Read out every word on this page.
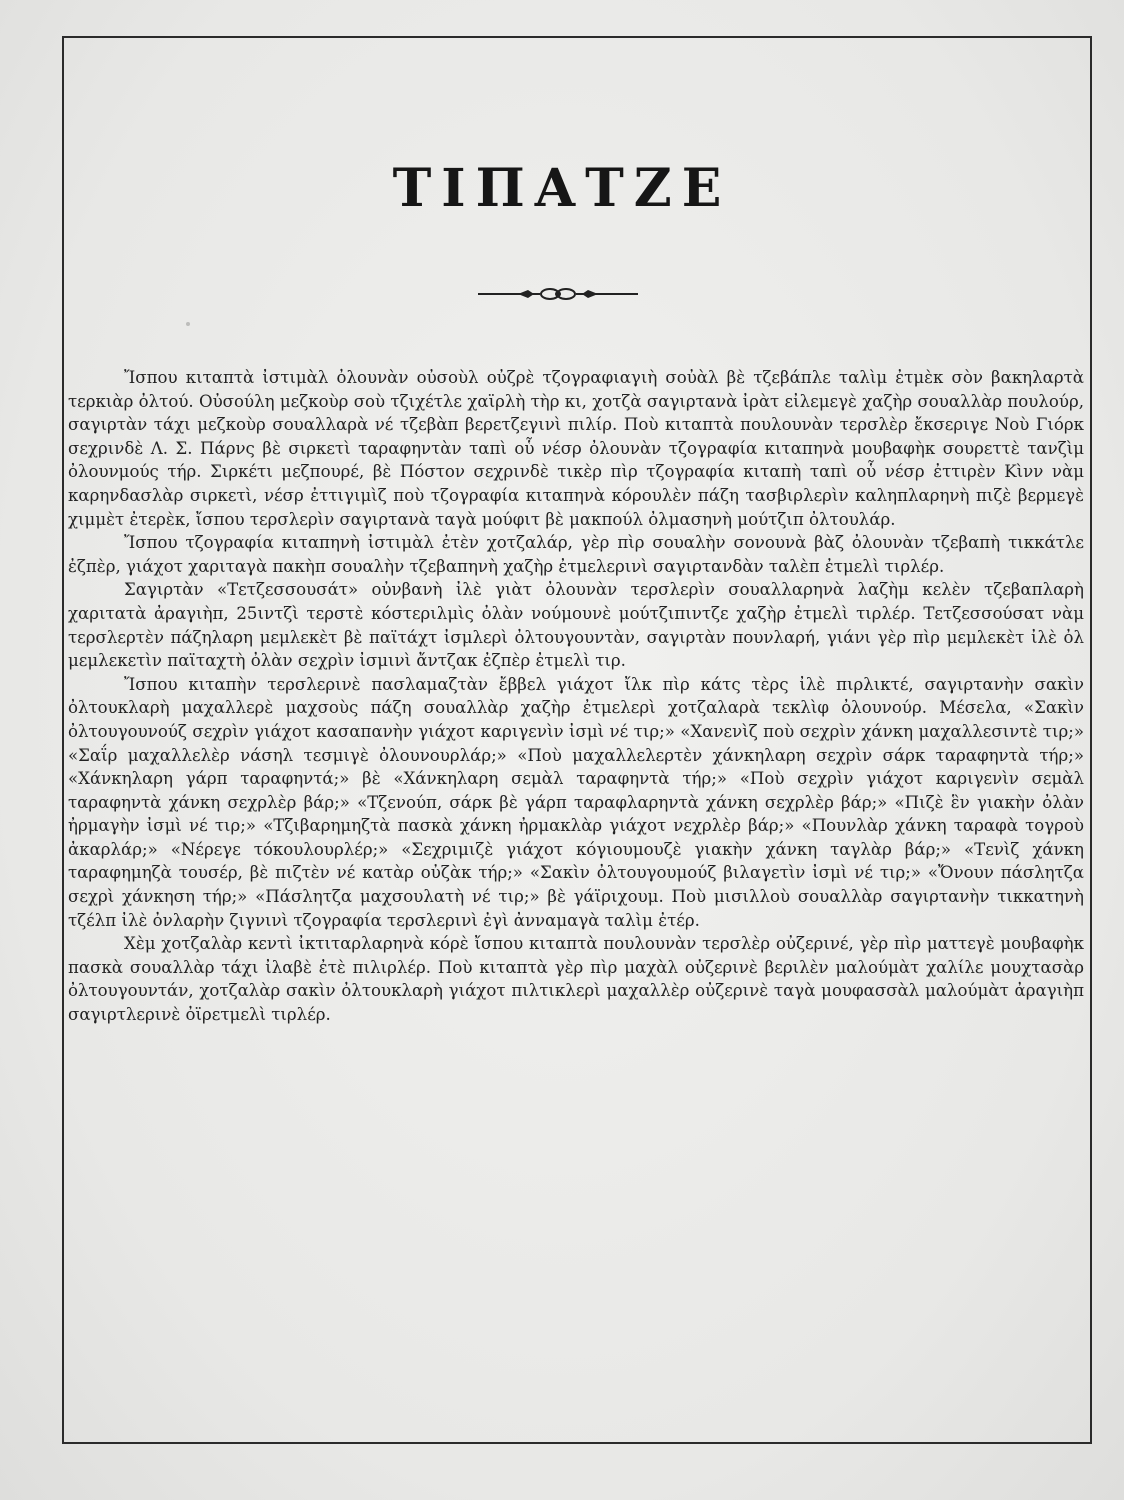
ΤΙΠΑΤΖΕ

Ἴσπου κιταπτὰ ἰστιμὰλ ὀλουνὰν οὐσοὺλ οὐζρὲ τζογραφιαγιὴ σοὐὰλ βὲ τζεβάπλε ταλὶμ ἐτμὲκ σὸν βακηλαρτὰ τερκιὰρ ὀλτού. Οὐσούλη μεζκοὺρ σοὺ τζιχέτλε χαϊρλὴ τὴρ κι, χοτζὰ σαγιρτανὰ ἰρὰτ εἰλεμεγὲ χαζὴρ σουαλλὰρ πουλούρ, σαγιρτὰν τάχι μεζκοὺρ σουαλλαρὰ νέ τζεβὰπ βερετζεγινὶ πιλίρ. Ποὺ κιταπτὰ πουλουνὰν τερσλὲρ ἔκσεριγε Νοὺ Γιόρκ σεχρινδὲ Λ. Σ. Πάρνς βὲ σιρκετὶ ταραφηντὰν ταπὶ οὗ νέσρ ὀλουνὰν τζογραφία κιταπηνὰ μουβαφὴκ σουρεττὲ τανζὶμ ὀλουνμούς τήρ. Σιρκέτι μεζπουρέ, βὲ Πόστον σεχρινδὲ τικὲρ πὶρ τζογραφία κιταπὴ ταπὶ οὗ νέσρ ἐττιρὲν Κὶνν νὰμ καρηνδασλὰρ σιρκετὶ, νέσρ ἐττιγιμὶζ ποὺ τζογραφία κιταπηνὰ κόρουλὲν πάζη τασβιρλερὶν καληπλαρηνὴ πιζὲ βερμεγὲ χιμμὲτ ἐτερὲκ, ἴσπου τερσλερὶν σαγιρτανὰ ταγὰ μούφιτ βὲ μακπούλ ὀλμασηνὴ μούτζιπ ὀλτουλάρ.

Ἴσπου τζογραφία κιταπηνὴ ἰστιμὰλ ἐτὲν χοτζαλάρ, γὲρ πὶρ σουαλὴν σονουνὰ βὰζ ὀλουνὰν τζεβαπὴ τικκάτλε ἐζπὲρ, γιάχοτ χαριταγὰ πακὴπ σουαλὴν τζεβαπηνὴ χαζὴρ ἐτμελερινὶ σαγιρτανδὰν ταλὲπ ἐτμελὶ τιρλέρ.

Σαγιρτὰν «Τετζεσσουσάτ» οὐνβανὴ ἰλὲ γιὰτ ὀλουνὰν τερσλερὶν σουαλλαρηνὰ λαζὴμ κελὲν τζεβαπλαρὴ χαριτατὰ ἀραγιὴπ, 25ιντζὶ τερστὲ κόστεριλμὶς ὀλὰν νούμουνὲ μούτζιπιντζε χαζὴρ ἐτμελὶ τιρλέρ. Τετζεσσούσατ νὰμ τερσλερτὲν πάζηλαρη μεμλεκὲτ βὲ παϊτάχτ ἰσμλερὶ ὀλτουγουντὰν, σαγιρτὰν πουνλαρή, γιάνι γὲρ πὶρ μεμλεκὲτ ἰλὲ ὀλ μεμλεκετὶν παϊταχτὴ ὀλὰν σεχρὶν ἰσμινὶ ἄντζακ ἐζπὲρ ἐτμελὶ τιρ.

Ἴσπου κιταπὴν τερσλερινὲ πασλαμαζτὰν ἔββελ γιάχοτ ἴλκ πὶρ κάτς τὲρς ἰλὲ πιρλικτέ, σαγιρτανὴν σακὶν ὀλτουκλαρὴ μαχαλλερὲ μαχσοὺς πάζη σουαλλὰρ χαζὴρ ἐτμελερὶ χοτζαλαρὰ τεκλὶφ ὀλουνούρ. Μέσελα, «Σακὶν ὀλτουγουνούζ σεχρὶν γιάχοτ κασαπανὴν γιάχοτ καριγενὶν ἰσμὶ νέ τιρ;» «Χανενὶζ ποὺ σεχρὶν χάνκη μαχαλλεσιντὲ τιρ;» «Σαΐρ μαχαλλελὲρ νάσηλ τεσμιγὲ ὀλουνουρλάρ;» «Ποὺ μαχαλλελερτὲν χάνκηλαρη σεχρὶν σάρκ ταραφηντὰ τήρ;» «Χάνκηλαρη γάρπ ταραφηντά;» βὲ «Χάνκηλαρη σεμὰλ ταραφηντὰ τήρ;» «Ποὺ σεχρὶν γιάχοτ καριγενὶν σεμὰλ ταραφηντὰ χάνκη σεχρλὲρ βάρ;» «Τζενούπ, σάρκ βὲ γάρπ ταραφλαρηντὰ χάνκη σεχρλὲρ βάρ;» «Πιζὲ ἓν γιακὴν ὀλὰν ἠρμαγὴν ἰσμὶ νέ τιρ;» «Τζιβαρημηζτὰ πασκὰ χάνκη ἠρμακλὰρ γιάχοτ νεχρλὲρ βάρ;» «Πουνλὰρ χάνκη ταραφὰ τογροὺ ἀκαρλάρ;» «Νέρεγε τόκουλουρλέρ;» «Σεχριμιζὲ γιάχοτ κόγιουμουζὲ γιακὴν χάνκη ταγλὰρ βάρ;» «Τενὶζ χάνκη ταραφημηζὰ τουσέρ, βὲ πιζτὲν νέ κατὰρ οὐζὰκ τήρ;» «Σακὶν ὀλτουγουμούζ βιλαγετὶν ἰσμὶ νέ τιρ;» «Ὄνουν πάσλητζα σεχρὶ χάνκηση τήρ;» «Πάσλητζα μαχσουλατὴ νέ τιρ;» βὲ γάϊριχουμ. Ποὺ μισιλλοὺ σουαλλὰρ σαγιρτανὴν τικκατηνὴ τζέλπ ἰλὲ ὀνλαρὴν ζιγνινὶ τζογραφία τερσλερινὶ ἐγὶ ἀνναμαγὰ ταλὶμ ἐτέρ.

Χὲμ χοτζαλὰρ κεντὶ ἰκτιταρλαρηνὰ κόρὲ ἴσπου κιταπτὰ πουλουνὰν τερσλὲρ οὐζερινέ, γὲρ πὶρ ματτεγὲ μουβαφὴκ πασκὰ σουαλλὰρ τάχι ἰλαβὲ ἐτὲ πιλιρλέρ. Ποὺ κιταπτὰ γὲρ πὶρ μαχὰλ οὐζερινὲ βεριλὲν μαλούμὰτ χαλίλε μουχτασὰρ ὀλτουγουντάν, χοτζαλὰρ σακὶν ὀλτουκλαρὴ γιάχοτ πιλτικλερὶ μαχαλλὲρ οὐζερινὲ ταγὰ μουφασσὰλ μαλούμὰτ ἀραγιὴπ σαγιρτλερινὲ ὀϊρετμελὶ τιρλέρ.
